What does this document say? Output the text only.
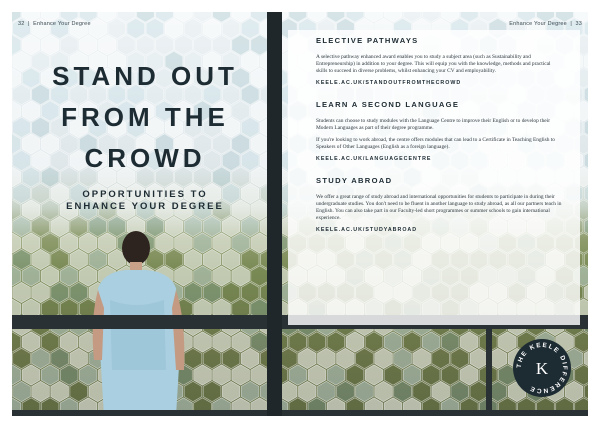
32  |  Enhance Your Degree	Enhance Your Degree  |  33
STAND OUT
FROM THE
CROWD
OPPORTUNITIES TO
ENHANCE YOUR DEGREE
THE KEELE DIFFERENCE
K

ELECTIVE PATHWAYS

A selective pathway enhanced award enables you to study a subject area (such as Sustainability and Entrepreneurship) in addition to your degree. This will equip you with the knowledge, methods and practical skills to succeed in diverse problems, whilst enhancing your CV and employability.

KEELE.AC.UK/STANDOUTFROMTHECROWD

LEARN A SECOND LANGUAGE

Students can choose to study modules with the Language Centre to improve their English or to develop their Modern Languages as part of their degree programme.

If you're looking to work abroad, the centre offers modules that can lead to a Certificate in Teaching English to Speakers of Other Languages (English as a foreign language).

KEELE.AC.UK/LANGUAGECENTRE

STUDY ABROAD

We offer a great range of study abroad and international opportunities for students to participate in during their undergraduate studies. You don't need to be fluent in another language to study abroad, as all our partners teach in English. You can also take part in our Faculty-led short programmes or summer schools to gain international experience.

KEELE.AC.UK/STUDYABROAD
